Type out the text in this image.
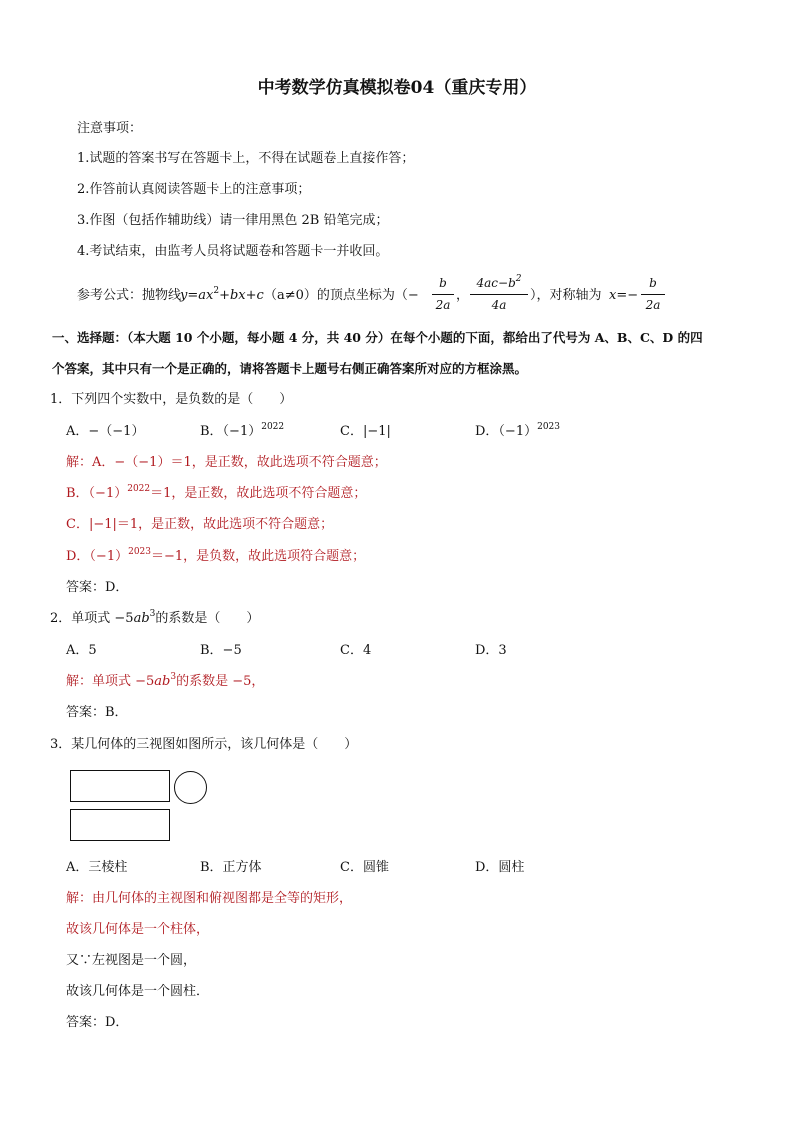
中考数学仿真模拟卷04（重庆专用）
注意事项：
1.试题的答案书写在答题卡上，不得在试题卷上直接作答；
2.作答前认真阅读答题卡上的注意事项；
3.作图（包括作辅助线）请一律用黑色 2B 铅笔完成；
4.考试结束，由监考人员将试题卷和答题卡一并收回。
参考公式：抛物线
$y=ax^2+bx+c$ （a≠0）的顶点坐标为（−
b
2a
，
$4ac-b^2$
4a
），对称轴为 x=−
b
2a
一、选择题：（本大题 10 个小题，每小题 4 分，共 40 分）在每个小题的下面，都给出了代号为 A、B、C、D 的四
个答案，其中只有一个是正确的，请将答题卡上题号右侧正确答案所对应的方框涂黑。
1．下列四个实数中，是负数的是（　　）
A．−（−1）	B．$(-1)^{2022}$	C．|−1|	D．$(-1)^{2023}$
解：A．−（−1）＝1，是正数，故此选项不符合题意；
B．$(-1)^{2022}=1$，是正数，故此选项不符合题意；
C．|−1|＝1，是正数，故此选项不符合题意；
D．$(-1)^{2023}=-1$，是负数，故此选项符合题意；
答案：D．
2．单项式 $-5ab^3$的系数是（　　）
A．5	B．−5	C．4	D．3
解：单项式 $-5ab^3$的系数是 −5，
答案：B．
3．某几何体的三视图如图所示，该几何体是（　　）
A．三棱柱	B．正方体	C．圆锥	D．圆柱
解：由几何体的主视图和俯视图都是全等的矩形，
故该几何体是一个柱体，
又∵左视图是一个圆，
故该几何体是一个圆柱．
答案：D．
